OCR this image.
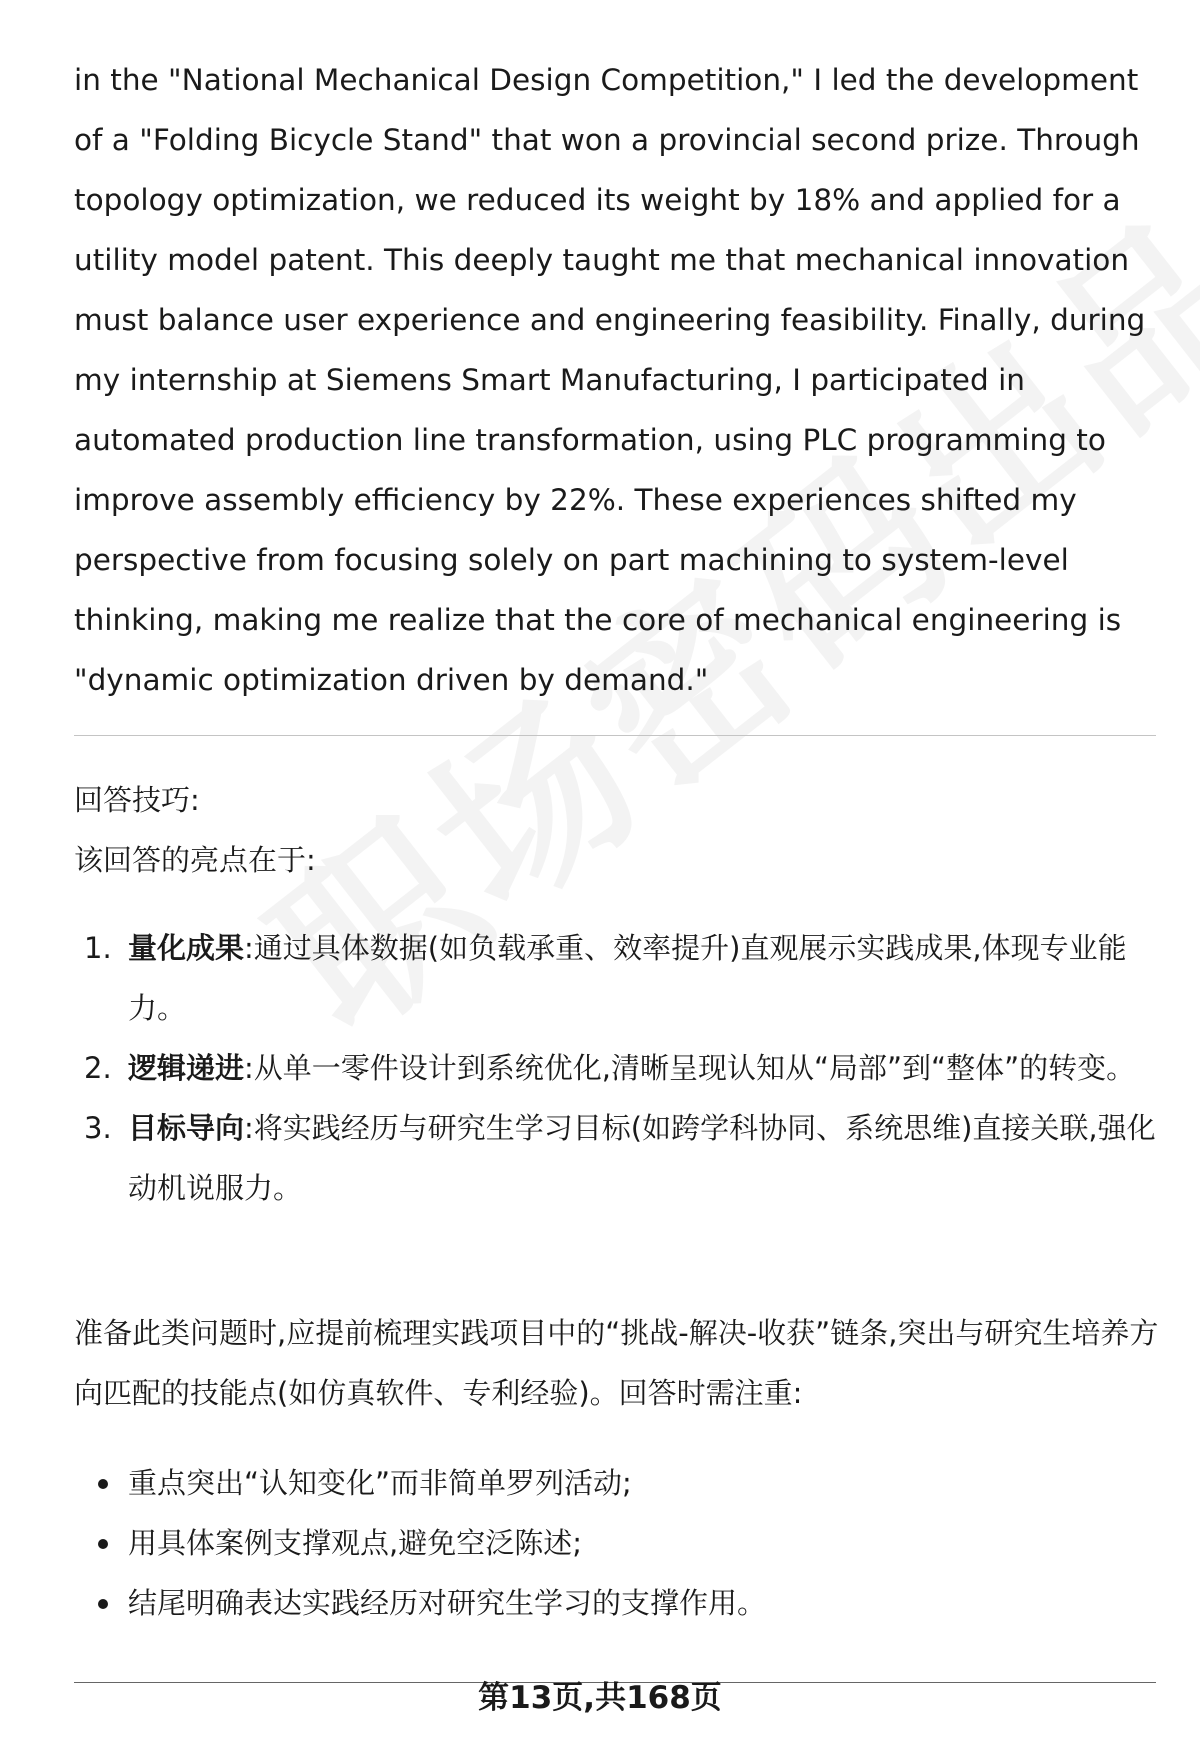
in the "National Mechanical Design Competition," I led the development of a "Folding Bicycle Stand" that won a provincial second prize. Through topology optimization, we reduced its weight by 18% and applied for a utility model patent. This deeply taught me that mechanical innovation must balance user experience and engineering feasibility. Finally, during my internship at Siemens Smart Manufacturing, I participated in automated production line transformation, using PLC programming to improve assembly efficiency by 22%. These experiences shifted my perspective from focusing solely on part machining to system-level thinking, making me realize that the core of mechanical engineering is "dynamic optimization driven by demand."

回答技巧:

该回答的亮点在于:

1. 量化成果:通过具体数据(如负载承重、效率提升)直观展示实践成果,体现专业能力。
2. 逻辑递进:从单一零件设计到系统优化,清晰呈现认知从“局部”到“整体”的转变。
3. 目标导向:将实践经历与研究生学习目标(如跨学科协同、系统思维)直接关联,强化动机说服力。

准备此类问题时,应提前梳理实践项目中的“挑战-解决-收获”链条,突出与研究生培养方向匹配的技能点(如仿真软件、专利经验)。回答时需注重:

重点突出“认知变化”而非简单罗列活动;
用具体案例支撑观点,避免空泛陈述;
结尾明确表达实践经历对研究生学习的支撑作用。
第13页,共168页
